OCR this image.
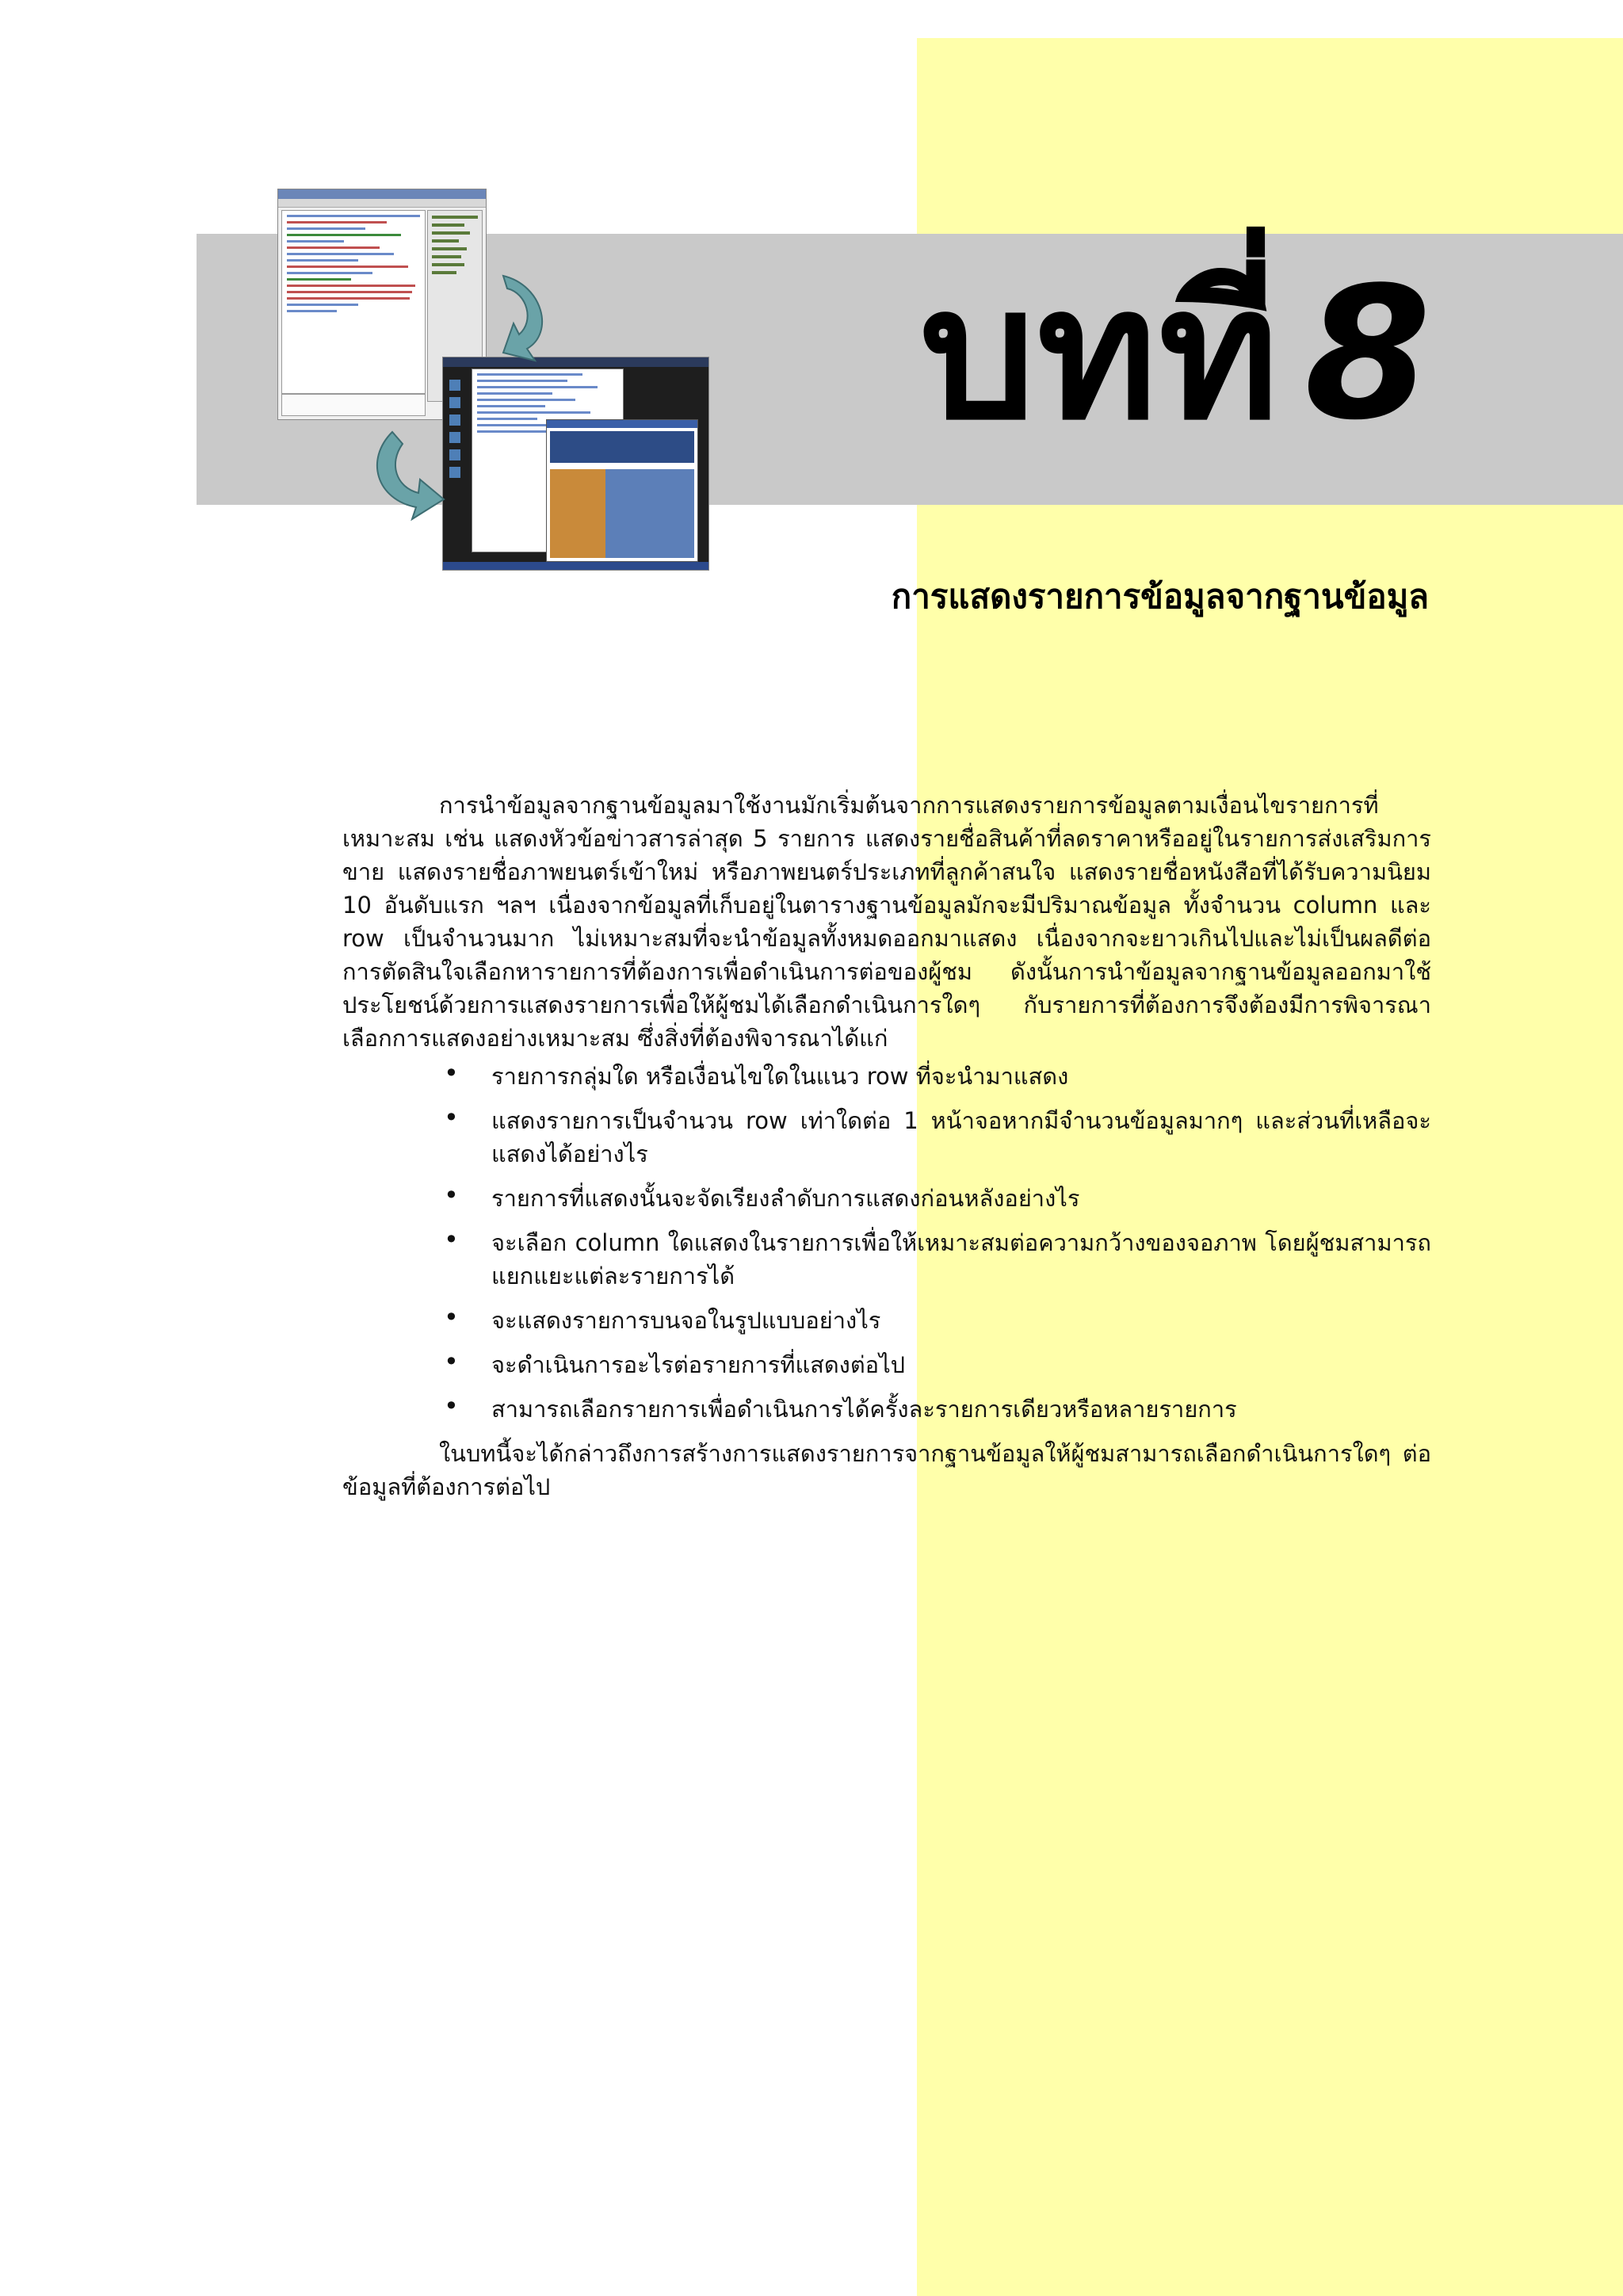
บทที่ 8
การแสดงรายการข้อมูลจากฐานข้อมูล

การนำข้อมูลจากฐานข้อมูลมาใช้งานมักเริ่มต้นจากการแสดงรายการข้อมูลตามเงื่อนไขรายการที่เหมาะสม เช่น แสดงหัวข้อข่าวสารล่าสุด 5 รายการ แสดงรายชื่อสินค้าที่ลดราคาหรืออยู่ในรายการส่งเสริมการขาย แสดงรายชื่อภาพยนตร์เข้าใหม่ หรือภาพยนตร์ประเภทที่ลูกค้าสนใจ แสดงรายชื่อหนังสือที่ได้รับความนิยม 10 อันดับแรก ฯลฯ เนื่องจากข้อมูลที่เก็บอยู่ในตารางฐานข้อมูลมักจะมีปริมาณข้อมูล ทั้งจำนวน column และ row เป็นจำนวนมาก ไม่เหมาะสมที่จะนำข้อมูลทั้งหมดออกมาแสดง เนื่องจากจะยาวเกินไปและไม่เป็นผลดีต่อการตัดสินใจเลือกหารายการที่ต้องการเพื่อดำเนินการต่อของผู้ชม ดังนั้นการนำข้อมูลจากฐานข้อมูลออกมาใช้ประโยชน์ด้วยการแสดงรายการเพื่อให้ผู้ชมได้เลือกดำเนินการใดๆ กับรายการที่ต้องการจึงต้องมีการพิจารณาเลือกการแสดงอย่างเหมาะสม ซึ่งสิ่งที่ต้องพิจารณาได้แก่

• รายการกลุ่มใด หรือเงื่อนไขใดในแนว row ที่จะนำมาแสดง
• แสดงรายการเป็นจำนวน row เท่าใดต่อ 1 หน้าจอหากมีจำนวนข้อมูลมากๆ และส่วนที่เหลือจะแสดงได้อย่างไร
• รายการที่แสดงนั้นจะจัดเรียงลำดับการแสดงก่อนหลังอย่างไร
• จะเลือก column ใดแสดงในรายการเพื่อให้เหมาะสมต่อความกว้างของจอภาพ โดยผู้ชมสามารถแยกแยะแต่ละรายการได้
• จะแสดงรายการบนจอในรูปแบบอย่างไร
• จะดำเนินการอะไรต่อรายการที่แสดงต่อไป
• สามารถเลือกรายการเพื่อดำเนินการได้ครั้งละรายการเดียวหรือหลายรายการ

ในบทนี้จะได้กล่าวถึงการสร้างการแสดงรายการจากฐานข้อมูลให้ผู้ชมสามารถเลือกดำเนินการใดๆ ต่อข้อมูลที่ต้องการต่อไป
